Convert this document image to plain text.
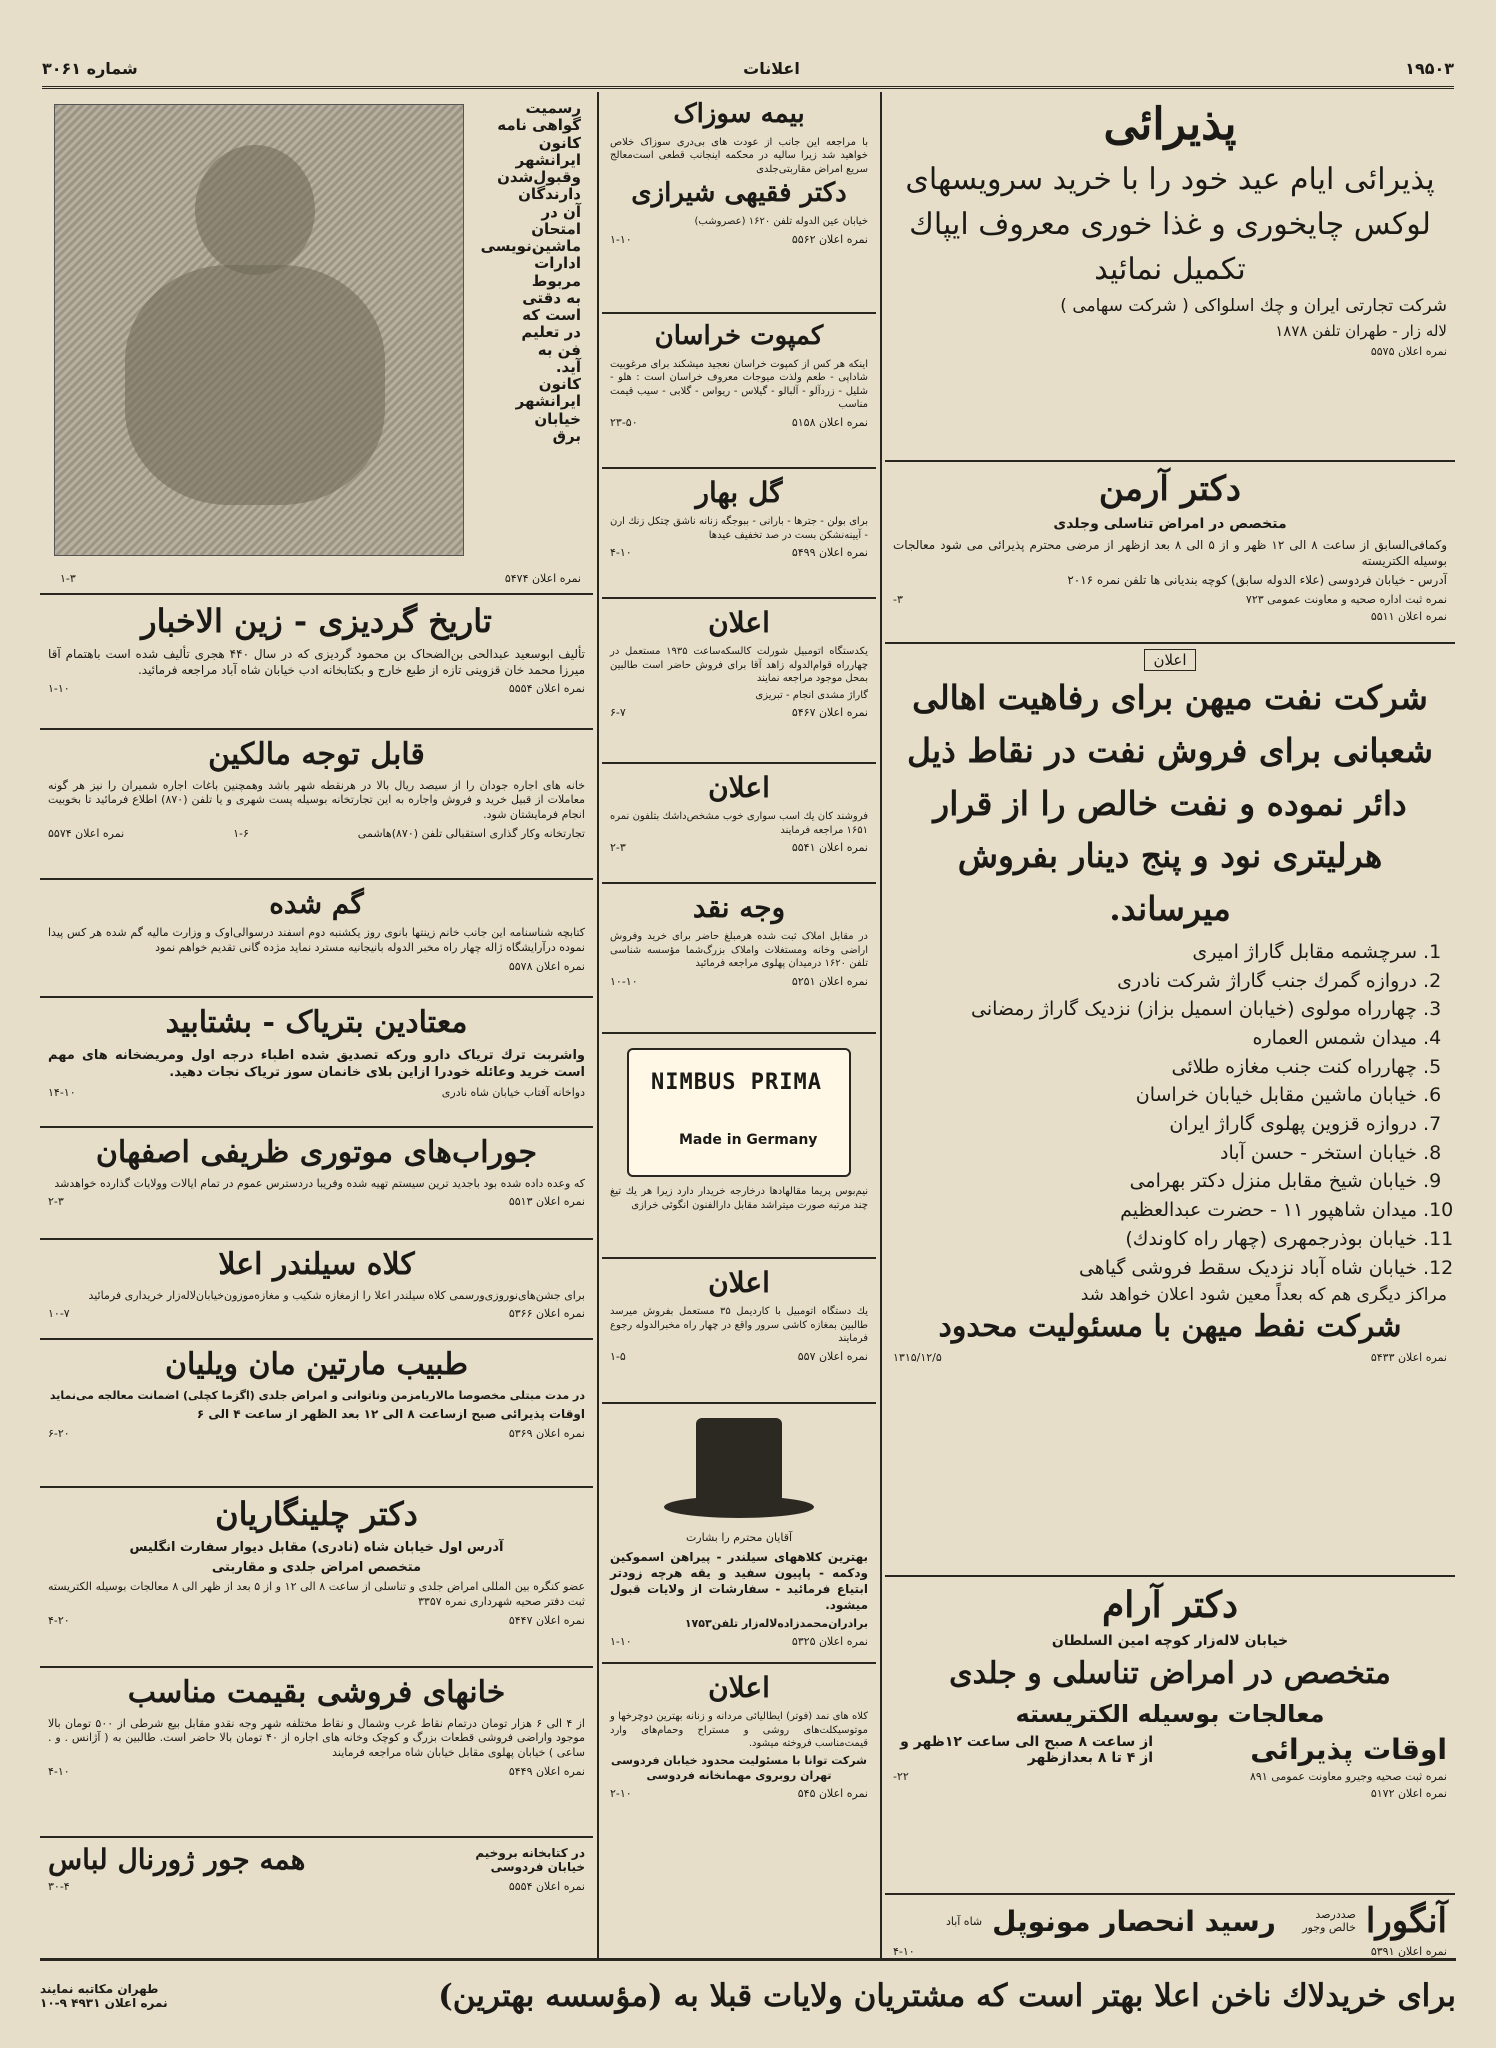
۱۹۵۰۳
اعلانات
شماره ۳۰۶۱
پذیرائی

پذیرائی ایام عید خود را با خرید سرویسهای لوکس چایخوری و غذا خوری معروف ایپاك تکمیل نمائید

شرکت تجارتی ایران و چك اسلواکی ( شرکت سهامی )

لاله زار - طهران تلفن ۱۸۷۸

نمره اعلان ۵۵۷۵
دکتر آرمن

متخصص در امراض تناسلی وجلدی

وکمافی‌السابق از ساعت ۸ الی ۱۲ ظهر و از ۵ الی ۸ بعد ازظهر از مرضی محترم پذیرائی می شود معالجات بوسیله الکتریسته

آدرس - خیابان فردوسی (علاء الدوله سابق) کوچه بندیانی ها تلفن نمره ۲۰۱۶

نمره ثبت اداره صحیه و معاونت عمومی ۷۲۳
۳-
نمره اعلان ۵۵۱۱
اعلان

شرکت نفت میهن برای رفاهیت اهالی شعبانی برای فروش نفت در نقاط ذیل دائر نموده و نفت خالص را از قرار هرلیتری نود و پنج دینار بفروش میرساند.

1. سرچشمه مقابل گاراژ امیری
2. دروازه گمرك جنب گاراژ شرکت نادری
3. چهارراه مولوی (خیابان اسمیل بزاز) نزدیک گاراژ رمضانی
4. میدان شمس العماره
5. چهارراه کنت جنب مغازه طلائی
6. خیابان ماشین مقابل خیابان خراسان
7. دروازه قزوین پهلوی گاراژ ایران
8. خیابان استخر - حسن آباد
9. خیابان شیخ مقابل منزل دکتر بهرامی
10. میدان شاهپور ۱۱ - حضرت عبدالعظیم
11. خیابان بوذرجمهری (چهار راه کاوندك)
12. خیابان شاه آباد نزدیک سقط فروشی گیاهی

مراکز دیگری هم که بعداً معین شود اعلان خواهد شد

شرکت نفط میهن با مسئولیت محدود
نمره اعلان ۵۴۳۳
۱۳۱۵/۱۲/۵
دکتر آرام

خیابان لاله‌زار کوچه امین السلطان

متخصص در امراض تناسلی و جلدی

معالجات بوسیله الکتریسته

اوقات پذیرائی
از ساعت ۸ صبح الی ساعت ۱۲ظهر و از ۴ تا ۸ بعدازظهر
نمره ثبت صحیه وجیرو معاونت عمومی ۸۹۱
۲۲-
نمره اعلان ۵۱۷۲
آنگورا
صددرصد خالص وجور
رسید انحصار مونوپل
شاه آباد
نمره اعلان ۵۳۹۱
۴-۱۰
بیمه سوزاک

با مراجعه این جانب از عودت های بی‌دری سوزاک خلاص خواهید شد زیرا سالیه در محکمه اینجانب قطعی است‌معالج سریع امراض مقاربتی‌جلدی

دکتر فقیهی شیرازی

خیابان عین الدوله تلفن ۱۶۲۰ (عصروشب)

نمره اعلان ۵۵۶۲
۱-۱۰
کمپوت خراسان

اینکه هر کس از کمپوت خراسان نعجید میشکند برای مرغوبیت شاداپی - طعم ولذت میوجات معروف خراسان است : هلو - شلیل - زردآلو - آلبالو - گیلاس - ریواس - گلابی - سیب قیمت مناسب

نمره اعلان ۵۱۵۸
۲۳-۵۰
گل بهار

برای بولن - جترها - بارانی - ببوجگه زنانه ناشق چتکل زنك ارن - آیینه‌نشکن بست در صد تخفیف عیدها

نمره اعلان ۵۴۹۹
۴-۱۰
اعلان

یکدستگاه اتومبیل شورلت کالسکه‌ساعت ۱۹۳۵ مستعمل در چهارراه قوام‌الدوله زاهد آقا برای فروش حاضر است طالبین بمحل موجود مراجعه نمایند

گاراژ مشدی انجام - تبریزی

نمره اعلان ۵۴۶۷
۶-۷
اعلان

فروشند کان یك اسب سواری خوب مشخص‌داشك بتلفون نمره ۱۶۵۱ مراجعه فرمایند

نمره اعلان ۵۵۴۱
۲-۳
وجه نقد

در مقابل املاک ثبت شده هرمبلغ حاضر برای خرید وفروش اراضی وخانه ومستغلات واملاک بزرگ‌شما مؤسسه شناسی تلفن ۱۶۲۰ درمیدان پهلوی مراجعه فرمائید

نمره اعلان ۵۲۵۱
۱۰-۱۰
NIMBUS PRIMA
Made in Germany

نیم‌بوس پریما مقالهادها درخارجه خریدار دارد زیرا هر یك تیغ چند مرتبه صورت میتراشد مقابل دارالفنون انگوئی خرازی

اعلان

یك دستگاه اتومبیل با کاردیمل ۳۵ مستعمل بفروش میرسد طالبین بمغازه کاشی سرور واقع در چهار راه مخبرالدوله رجوع فرمایند

نمره اعلان ۵۵۷
۱-۵

آقایان محترم را بشارت

بهترین کلاههای سیلندر - پیراهن اسموکین ودکمه - پاپیون سفید و یقه هرچه زودتر ابتیاع فرمائید - سفارشات از ولایات قبول میشود.

برادران‌محمدزاده‌لاله‌زار تلفن۱۷۵۳

نمره اعلان ۵۳۲۵
۱-۱۰
اعلان

کلاه های نمد (فوتر) ایطالیائی مردانه و زنانه بهترین دوچرخها و موتوسیکلت‌های روشی و مستراح وحمام‌های وارد قیمت‌مناسب فروخته میشود.

شرکت توانا با مسئولیت محدود خیابان فردوسی تهران روبروی مهمانخانه فردوسی

نمره اعلان ۵۴۵
۲-۱۰
رسمیت
گواهی نامه
کانون
ایرانشهر
وقبول‌شدن
دارندگان
آن در
امتحان
ماشین‌نویسی
ادارات
مربوط
به دقتی
است که
در تعلیم
فن به
آید.
کانون
ایرانشهر
خیابان
برق
نمره اعلان ۵۴۷۴
۱-۳
تاریخ گردیزی - زین الاخبار

تألیف ابوسعید عبدالحی بن‌الضحاک بن محمود گردیزی که در سال ۴۴۰ هجری تألیف شده است باهتمام آقا میرزا محمد خان قزوینی تازه از طبع خارج و بکتابخانه ادب خیابان شاه آباد مراجعه فرمائید.

نمره اعلان ۵۵۵۴
۱-۱۰
قابل توجه مالکین

خانه های اجاره جودان را از سیصد ریال بالا در هرنقطه شهر باشد وهمچنین باغات اجاره شمیران را نیز هر گونه معاملات از قبیل خرید و فروش واجاره به این تجارتخانه بوسیله پست شهری و یا تلفن (۸۷۰) اطلاع فرمائید تا بخوبیت انجام فرمایشتان شود.

تجارتخانه وکار گذاری استقبالی تلفن (۸۷۰)هاشمی
۱-۶
نمره اعلان ۵۵۷۴
گم شده

کتابچه شناسنامه این جانب خانم زینتها بانوی روز یکشنبه دوم اسفند درسوالی‌اوک و وزارت مالیه گم شده هر کس پیدا نموده درآرایشگاه ژاله چهار راه مخبر الدوله بانیجانیه مسترد نماید مژده گانی تقدیم خواهم نمود

نمره اعلان ۵۵۷۸
معتادین بتریاک - بشتابید

واشربت ترك تریاک دارو وركه تصدیق شده اطباء درجه اول ومریضخانه های مهم است خرید وعائله خودرا ازاین بلای خانمان سوز تریاک نجات دهید.

دواخانه آفتاب خیابان شاه نادری
۱۴-۱۰
جوراب‌های موتوری ظریفی اصفهان

که وعده داده شده بود باجدید ترین سیستم تهیه شده وفریبا دردسترس عموم در تمام ایالات وولایات گذارده خواهدشد

نمره اعلان ۵۵۱۳
۲-۳
کلاه سیلندر اعلا

برای جشن‌های‌نوروزی‌ورسمی کلاه سیلندر اعلا را ازمغازه شکیب و مغازه‌موزون‌خیابان‌لاله‌زار خریداری فرمائید

نمره اعلان ۵۳۶۶
۱۰-۷
طبیب مارتین مان ویلیان

در مدت مبتلی مخصوصا مالاریامزمن وناتوانی و امراض جلدی (اگزما کچلی) اضمانت معالجه می‌نماید

اوقات پذیرائی صبح ازساعت ۸ الی ۱۲ بعد الظهر از ساعت ۴ الی ۶

نمره اعلان ۵۳۶۹
۶-۲۰
دکتر چلینگاریان

آدرس اول خیابان شاه (نادری) مقابل دیوار سفارت انگلیس

متخصص امراض جلدی و مقاربتی

عضو کنگره بین المللی امراض جلدی و تناسلی از ساعت ۸ الی ۱۲ و از ۵ بعد از ظهر الی ۸ معالجات بوسیله الکتریسته ثبت دفتر صحیه شهرداری نمره ۳۳۵۷

نمره اعلان ۵۴۴۷
۴-۲۰
خانهای فروشی بقیمت مناسب

از ۴ الی ۶ هزار تومان درتمام نقاط غرب وشمال و نقاط مختلفه شهر وجه نقدو مقابل بیع شرطی از ۵۰۰ تومان بالا موجود واراضی فروشی قطعات بزرگ و کوچک وخانه های اجاره از ۴۰ تومان بالا حاضر است. طالبین به ( آژانس . و . ساعی ) خیابان پهلوی مقابل خیابان شاه مراجعه فرمایند

نمره اعلان ۵۴۴۹
۴-۱۰
در کتابخانه بروخیم خیابان فردوسی
همه جور ژورنال لباس
نمره اعلان ۵۵۵۴
۳۰-۴
برای خریدلاك ناخن اعلا بهتر است که مشتریان ولایات قبلا به (مؤسسه بهترین)
طهران مکاتبه نمایند
نمره اعلان ۴۹۳۱ ۹-۱۰
